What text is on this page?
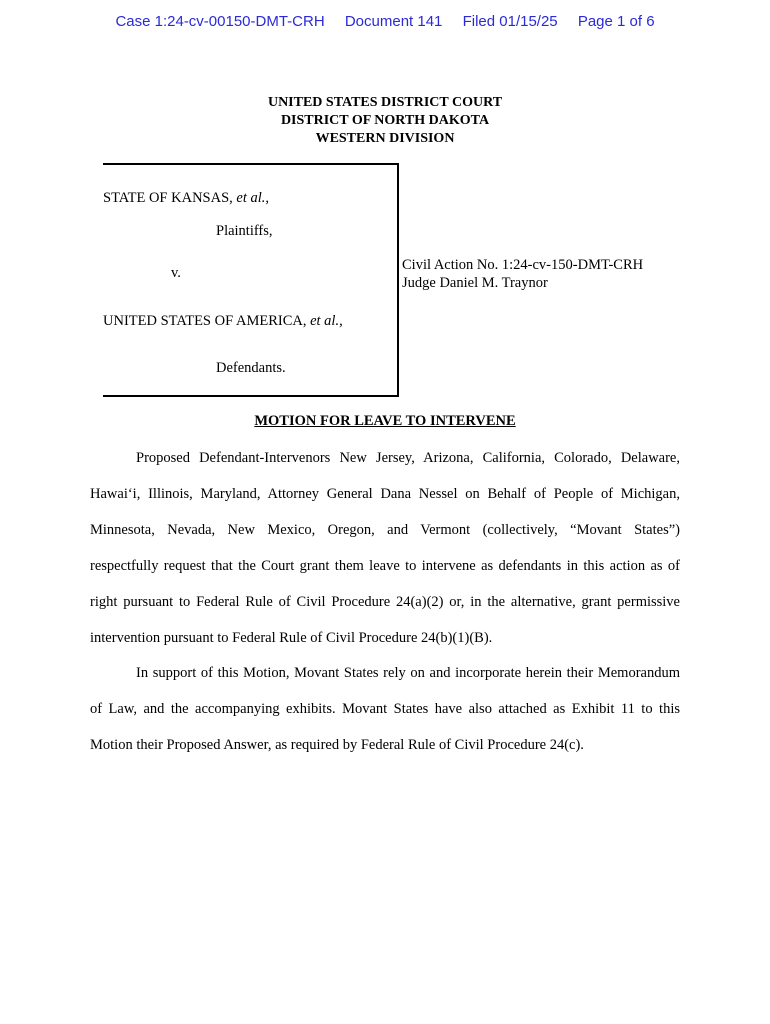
Case 1:24-cv-00150-DMT-CRH Document 141 Filed 01/15/25 Page 1 of 6
UNITED STATES DISTRICT COURT
DISTRICT OF NORTH DAKOTA
WESTERN DIVISION
STATE OF KANSAS, et al.,
Plaintiffs,
v.
UNITED STATES OF AMERICA, et al.,
Defendants.
Civil Action No. 1:24-cv-150-DMT-CRH
Judge Daniel M. Traynor
MOTION FOR LEAVE TO INTERVENE
Proposed Defendant-Intervenors New Jersey, Arizona, California, Colorado, Delaware,
Hawai‘i, Illinois, Maryland, Attorney General Dana Nessel on Behalf of People of Michigan,
Minnesota, Nevada, New Mexico, Oregon, and Vermont (collectively, “Movant States”)
respectfully request that the Court grant them leave to intervene as defendants in this action as of
right pursuant to Federal Rule of Civil Procedure 24(a)(2) or, in the alternative, grant permissive
intervention pursuant to Federal Rule of Civil Procedure 24(b)(1)(B).
In support of this Motion, Movant States rely on and incorporate herein their Memorandum
of Law, and the accompanying exhibits. Movant States have also attached as Exhibit 11 to this
Motion their Proposed Answer, as required by Federal Rule of Civil Procedure 24(c).
